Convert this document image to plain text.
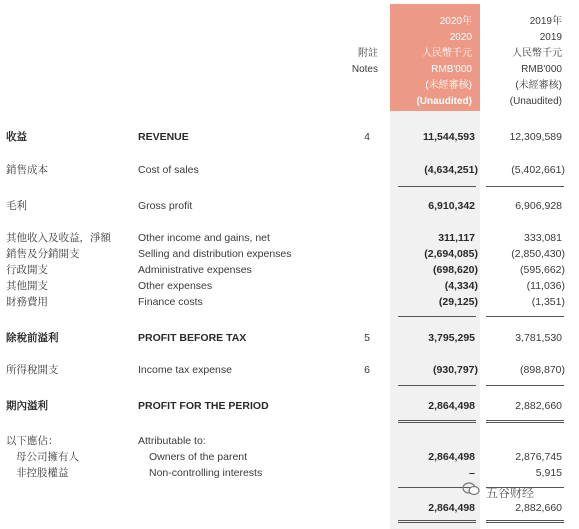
附註
Notes
2020年
2020
人民幣千元
RMB'000
(未經審核)
(Unaudited)
2019年
2019
人民幣千元
RMB'000
(未經審核)
(Unaudited)
收益	REVENUE	4	11,544,593	12,309,589
銷售成本	Cost of sales	(4,634,251)	(5,402,661)
毛利	Gross profit	6,910,342	6,906,928
其他收入及收益，淨額	Other income and gains, net	311,117	333,081
銷售及分銷開支	Selling and distribution expenses	(2,694,085)	(2,850,430)
行政開支	Administrative expenses	(698,620)	(595,662)
其他開支	Other expenses	(4,334)	(11,036)
財務費用	Finance costs	(29,125)	(1,351)
除稅前溢利	PROFIT BEFORE TAX	5	3,795,295	3,781,530
所得稅開支	Income tax expense	6	(930,797)	(898,870)
期內溢利	PROFIT FOR THE PERIOD	2,864,498	2,882,660
以下應佔：	Attributable to:
母公司擁有人	Owners of the parent	2,864,498	2,876,745
非控股權益	Non-controlling interests	–	5,915
2,864,498	2,882,660
五谷财经
